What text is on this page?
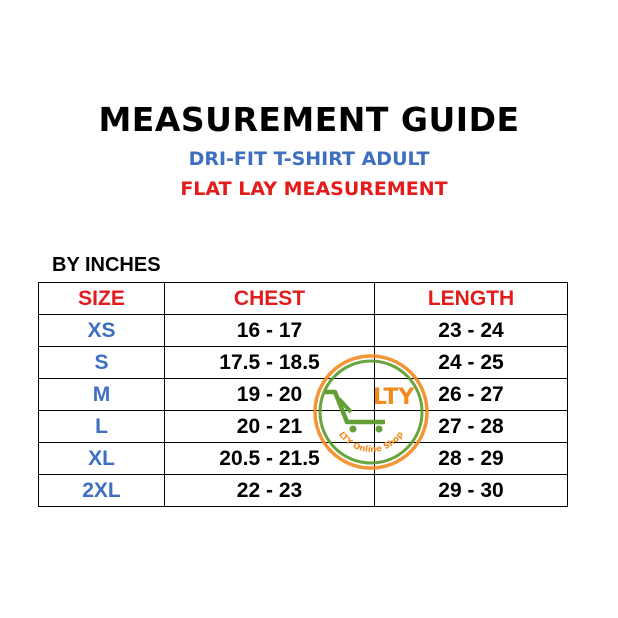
MEASUREMENT GUIDE
DRI-FIT T-SHIRT ADULT
FLAT LAY MEASUREMENT
BY INCHES
SIZE	CHEST	LENGTH
XS	16 - 17	23 - 24
S	17.5 - 18.5	24 - 25
M	19 - 20	26 - 27
L	20 - 21	27 - 28
XL	20.5 - 21.5	28 - 29
2XL	22 - 23	29 - 30
LTY
LTY Online Shop
